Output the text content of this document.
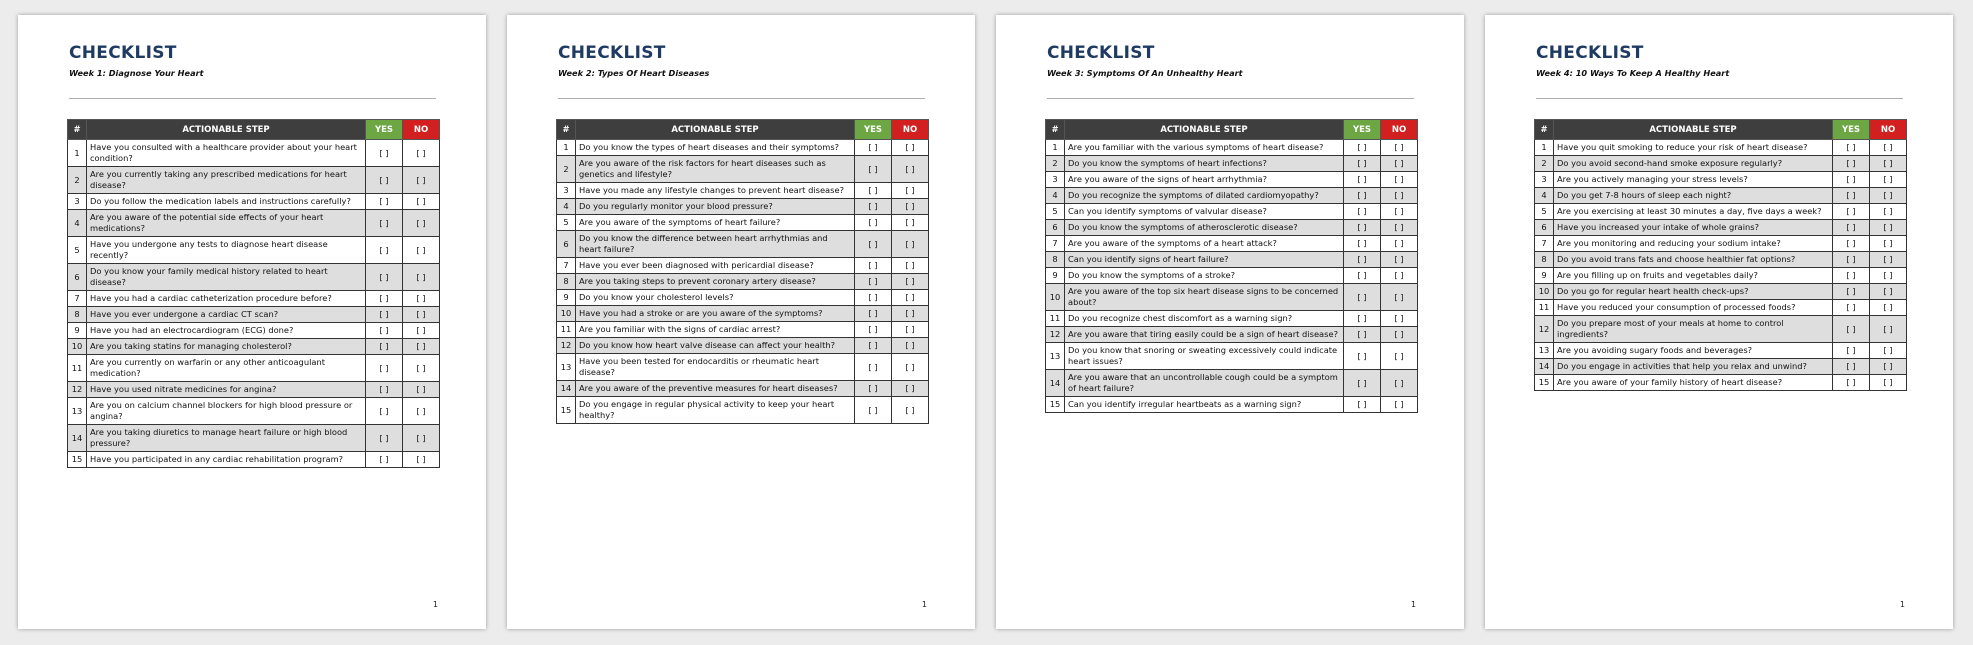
CHECKLIST
Week 1: Diagnose Your Heart
#	ACTIONABLE STEP	YES	NO
1	Have you consulted with a healthcare provider about your heart condition?	[ ]	[ ]
2	Are you currently taking any prescribed medications for heart disease?	[ ]	[ ]
3	Do you follow the medication labels and instructions carefully?	[ ]	[ ]
4	Are you aware of the potential side effects of your heart medications?	[ ]	[ ]
5	Have you undergone any tests to diagnose heart disease recently?	[ ]	[ ]
6	Do you know your family medical history related to heart disease?	[ ]	[ ]
7	Have you had a cardiac catheterization procedure before?	[ ]	[ ]
8	Have you ever undergone a cardiac CT scan?	[ ]	[ ]
9	Have you had an electrocardiogram (ECG) done?	[ ]	[ ]
10	Are you taking statins for managing cholesterol?	[ ]	[ ]
11	Are you currently on warfarin or any other anticoagulant medication?	[ ]	[ ]
12	Have you used nitrate medicines for angina?	[ ]	[ ]
13	Are you on calcium channel blockers for high blood pressure or angina?	[ ]	[ ]
14	Are you taking diuretics to manage heart failure or high blood pressure?	[ ]	[ ]
15	Have you participated in any cardiac rehabilitation program?	[ ]	[ ]
1
CHECKLIST
Week 2: Types Of Heart Diseases
#	ACTIONABLE STEP	YES	NO
1	Do you know the types of heart diseases and their symptoms?	[ ]	[ ]
2	Are you aware of the risk factors for heart diseases such as genetics and lifestyle?	[ ]	[ ]
3	Have you made any lifestyle changes to prevent heart disease?	[ ]	[ ]
4	Do you regularly monitor your blood pressure?	[ ]	[ ]
5	Are you aware of the symptoms of heart failure?	[ ]	[ ]
6	Do you know the difference between heart arrhythmias and heart failure?	[ ]	[ ]
7	Have you ever been diagnosed with pericardial disease?	[ ]	[ ]
8	Are you taking steps to prevent coronary artery disease?	[ ]	[ ]
9	Do you know your cholesterol levels?	[ ]	[ ]
10	Have you had a stroke or are you aware of the symptoms?	[ ]	[ ]
11	Are you familiar with the signs of cardiac arrest?	[ ]	[ ]
12	Do you know how heart valve disease can affect your health?	[ ]	[ ]
13	Have you been tested for endocarditis or rheumatic heart disease?	[ ]	[ ]
14	Are you aware of the preventive measures for heart diseases?	[ ]	[ ]
15	Do you engage in regular physical activity to keep your heart healthy?	[ ]	[ ]
1
CHECKLIST
Week 3: Symptoms Of An Unhealthy Heart
#	ACTIONABLE STEP	YES	NO
1	Are you familiar with the various symptoms of heart disease?	[ ]	[ ]
2	Do you know the symptoms of heart infections?	[ ]	[ ]
3	Are you aware of the signs of heart arrhythmia?	[ ]	[ ]
4	Do you recognize the symptoms of dilated cardiomyopathy?	[ ]	[ ]
5	Can you identify symptoms of valvular disease?	[ ]	[ ]
6	Do you know the symptoms of atherosclerotic disease?	[ ]	[ ]
7	Are you aware of the symptoms of a heart attack?	[ ]	[ ]
8	Can you identify signs of heart failure?	[ ]	[ ]
9	Do you know the symptoms of a stroke?	[ ]	[ ]
10	Are you aware of the top six heart disease signs to be concerned about?	[ ]	[ ]
11	Do you recognize chest discomfort as a warning sign?	[ ]	[ ]
12	Are you aware that tiring easily could be a sign of heart disease?	[ ]	[ ]
13	Do you know that snoring or sweating excessively could indicate heart issues?	[ ]	[ ]
14	Are you aware that an uncontrollable cough could be a symptom of heart failure?	[ ]	[ ]
15	Can you identify irregular heartbeats as a warning sign?	[ ]	[ ]
1
CHECKLIST
Week 4: 10 Ways To Keep A Healthy Heart
#	ACTIONABLE STEP	YES	NO
1	Have you quit smoking to reduce your risk of heart disease?	[ ]	[ ]
2	Do you avoid second-hand smoke exposure regularly?	[ ]	[ ]
3	Are you actively managing your stress levels?	[ ]	[ ]
4	Do you get 7-8 hours of sleep each night?	[ ]	[ ]
5	Are you exercising at least 30 minutes a day, five days a week?	[ ]	[ ]
6	Have you increased your intake of whole grains?	[ ]	[ ]
7	Are you monitoring and reducing your sodium intake?	[ ]	[ ]
8	Do you avoid trans fats and choose healthier fat options?	[ ]	[ ]
9	Are you filling up on fruits and vegetables daily?	[ ]	[ ]
10	Do you go for regular heart health check-ups?	[ ]	[ ]
11	Have you reduced your consumption of processed foods?	[ ]	[ ]
12	Do you prepare most of your meals at home to control ingredients?	[ ]	[ ]
13	Are you avoiding sugary foods and beverages?	[ ]	[ ]
14	Do you engage in activities that help you relax and unwind?	[ ]	[ ]
15	Are you aware of your family history of heart disease?	[ ]	[ ]
1
